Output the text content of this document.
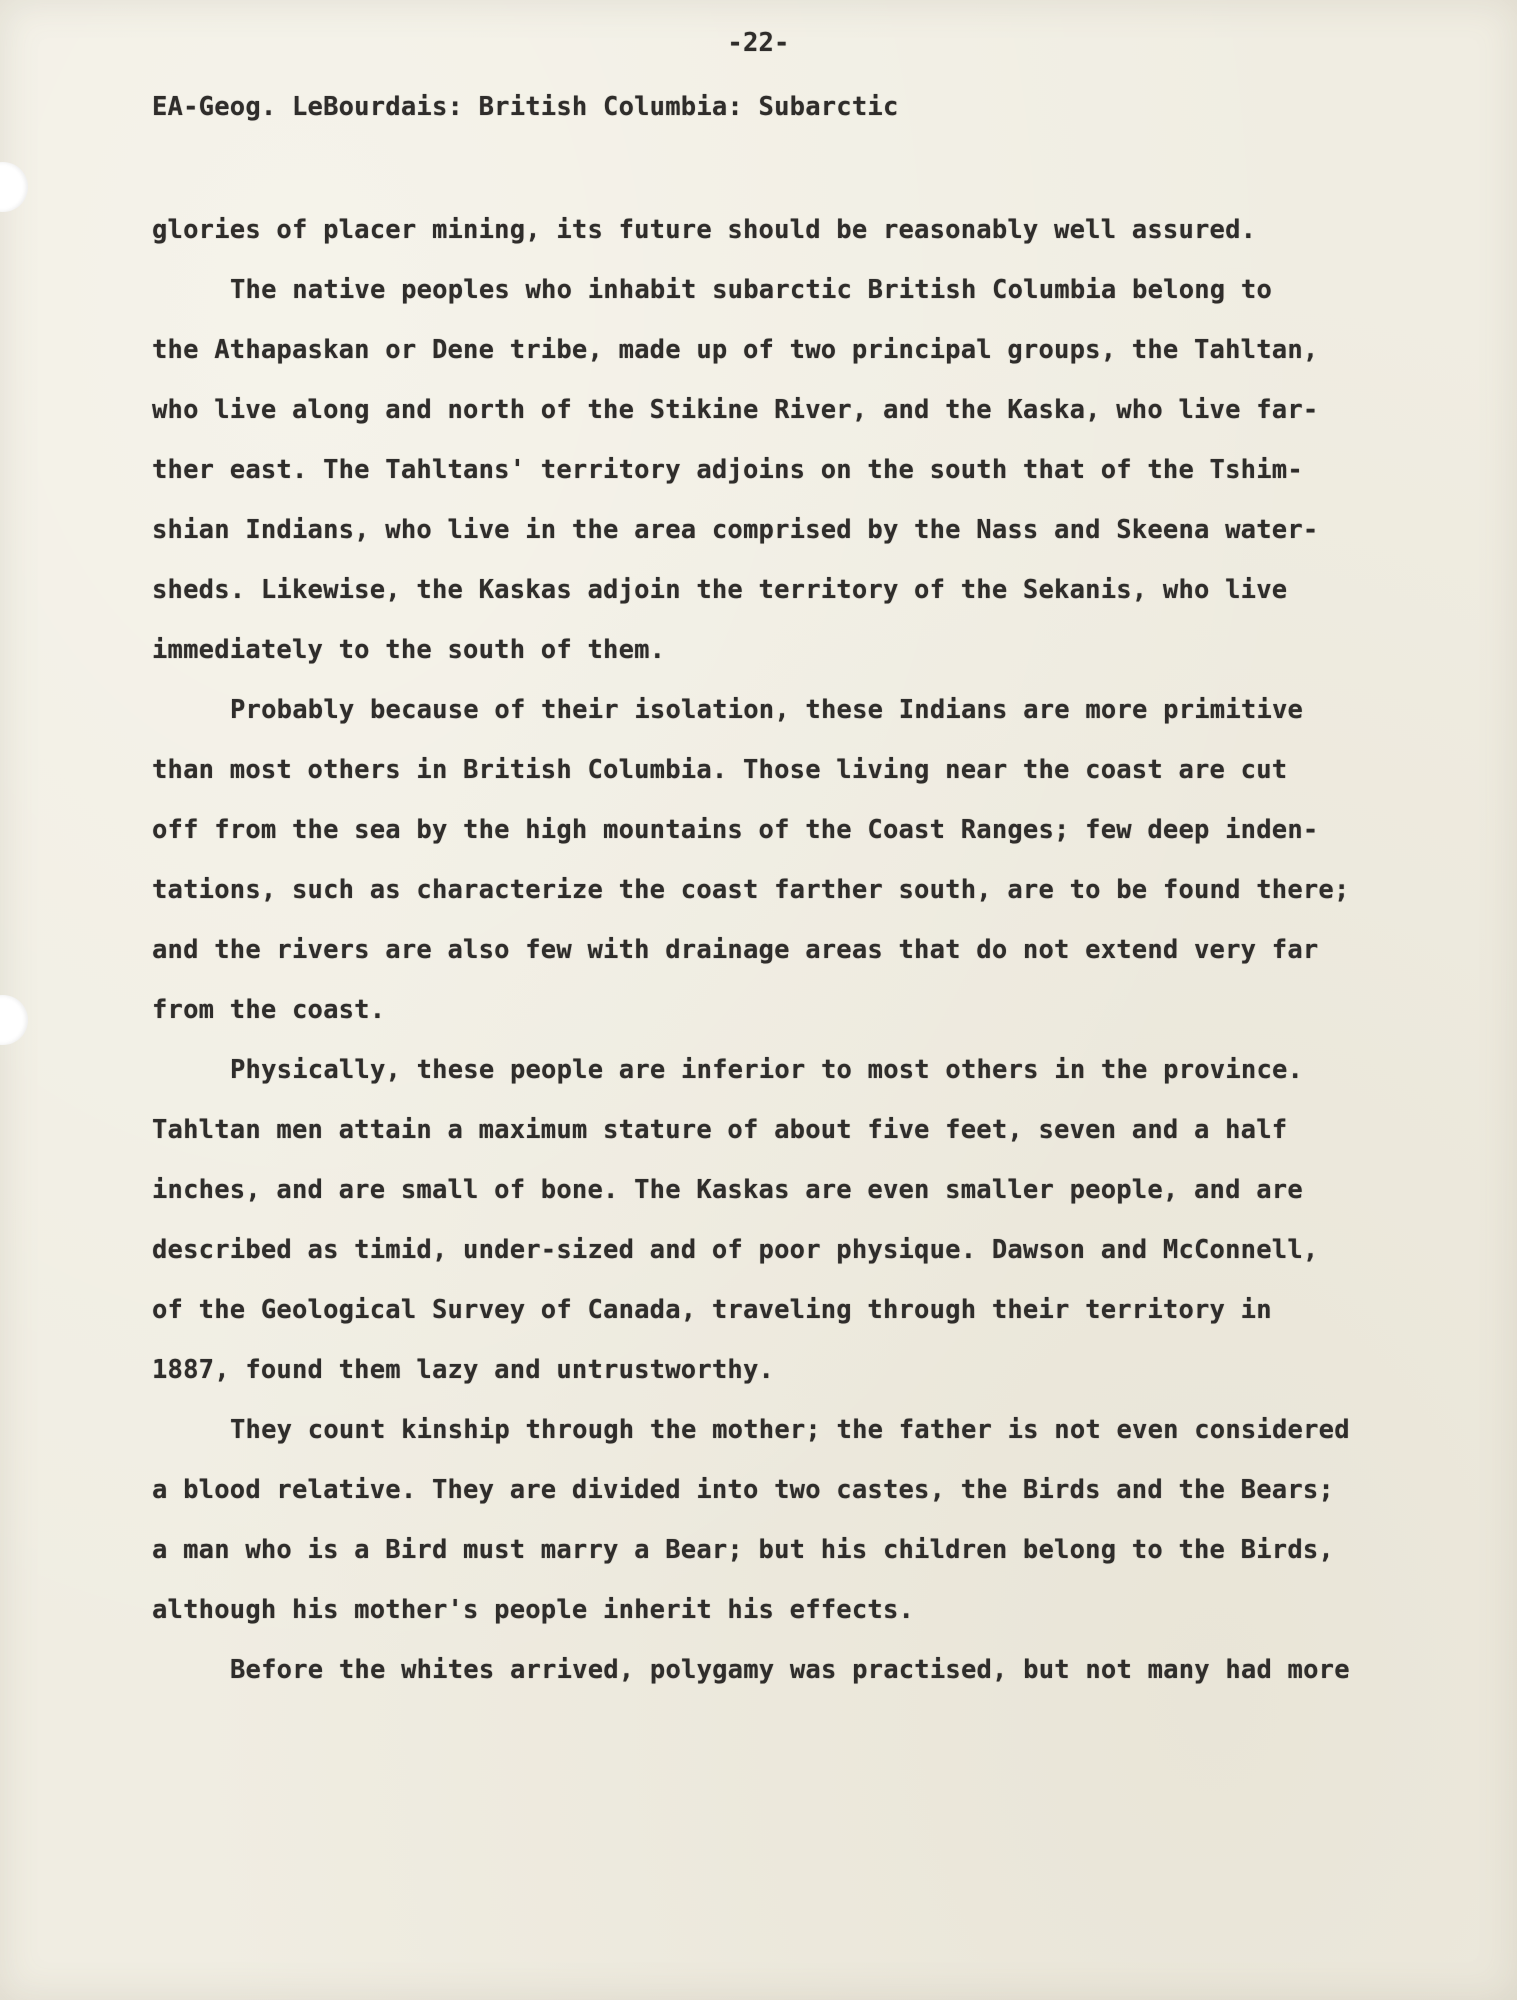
-22-
EA-Geog. LeBourdais: British Columbia: Subarctic
glories of placer mining, its future should be reasonably well assured.
The native peoples who inhabit subarctic British Columbia belong to
the Athapaskan or Dene tribe, made up of two principal groups, the Tahltan,
who live along and north of the Stikine River, and the Kaska, who live far-
ther east. The Tahltans' territory adjoins on the south that of the Tshim-
shian Indians, who live in the area comprised by the Nass and Skeena water-
sheds. Likewise, the Kaskas adjoin the territory of the Sekanis, who live
immediately to the south of them.
Probably because of their isolation, these Indians are more primitive
than most others in British Columbia. Those living near the coast are cut
off from the sea by the high mountains of the Coast Ranges; few deep inden-
tations, such as characterize the coast farther south, are to be found there;
and the rivers are also few with drainage areas that do not extend very far
from the coast.
Physically, these people are inferior to most others in the province.
Tahltan men attain a maximum stature of about five feet, seven and a half
inches, and are small of bone. The Kaskas are even smaller people, and are
described as timid, under-sized and of poor physique. Dawson and McConnell,
of the Geological Survey of Canada, traveling through their territory in
1887, found them lazy and untrustworthy.
They count kinship through the mother; the father is not even considered
a blood relative. They are divided into two castes, the Birds and the Bears;
a man who is a Bird must marry a Bear; but his children belong to the Birds,
although his mother's people inherit his effects.
Before the whites arrived, polygamy was practised, but not many had more
